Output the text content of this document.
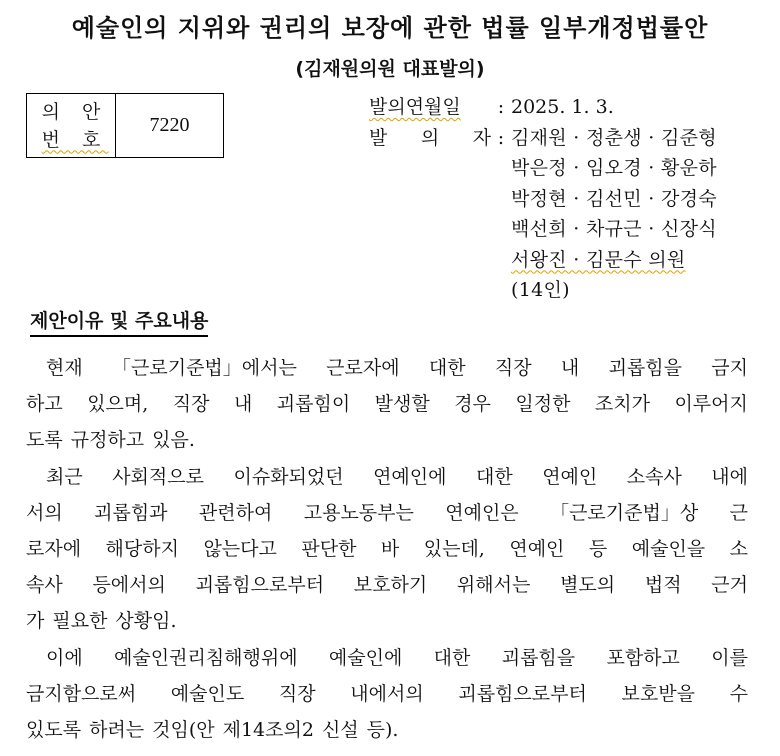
예술인의 지위와 권리의 보장에 관한 법률 일부개정법률안
(김재원의원 대표발의)
의 안
번 호
7220
발의연월일	: 2025. 1. 3.
발 의 자 : 김재원 · 정춘생 · 김준형
박은정 · 임오경 · 황운하
박정현 · 김선민 · 강경숙
백선희 · 차규근 · 신장식
서왕진 · 김문수 의원
(14인)
제안이유 및 주요내용
현재 「근로기준법」에서는 근로자에 대한 직장 내 괴롭힘을 금지
하고 있으며, 직장 내 괴롭힘이 발생할 경우 일정한 조치가 이루어지
도록 규정하고 있음.
최근 사회적으로 이슈화되었던 연예인에 대한 연예인 소속사 내에
서의 괴롭힘과 관련하여 고용노동부는 연예인은 「근로기준법」상 근
로자에 해당하지 않는다고 판단한 바 있는데, 연예인 등 예술인을 소
속사 등에서의 괴롭힘으로부터 보호하기 위해서는 별도의 법적 근거
가 필요한 상황임.
이에 예술인권리침해행위에 예술인에 대한 괴롭힘을 포함하고 이를
금지함으로써 예술인도 직장 내에서의 괴롭힘으로부터 보호받을 수
있도록 하려는 것임(안 제14조의2 신설 등).
